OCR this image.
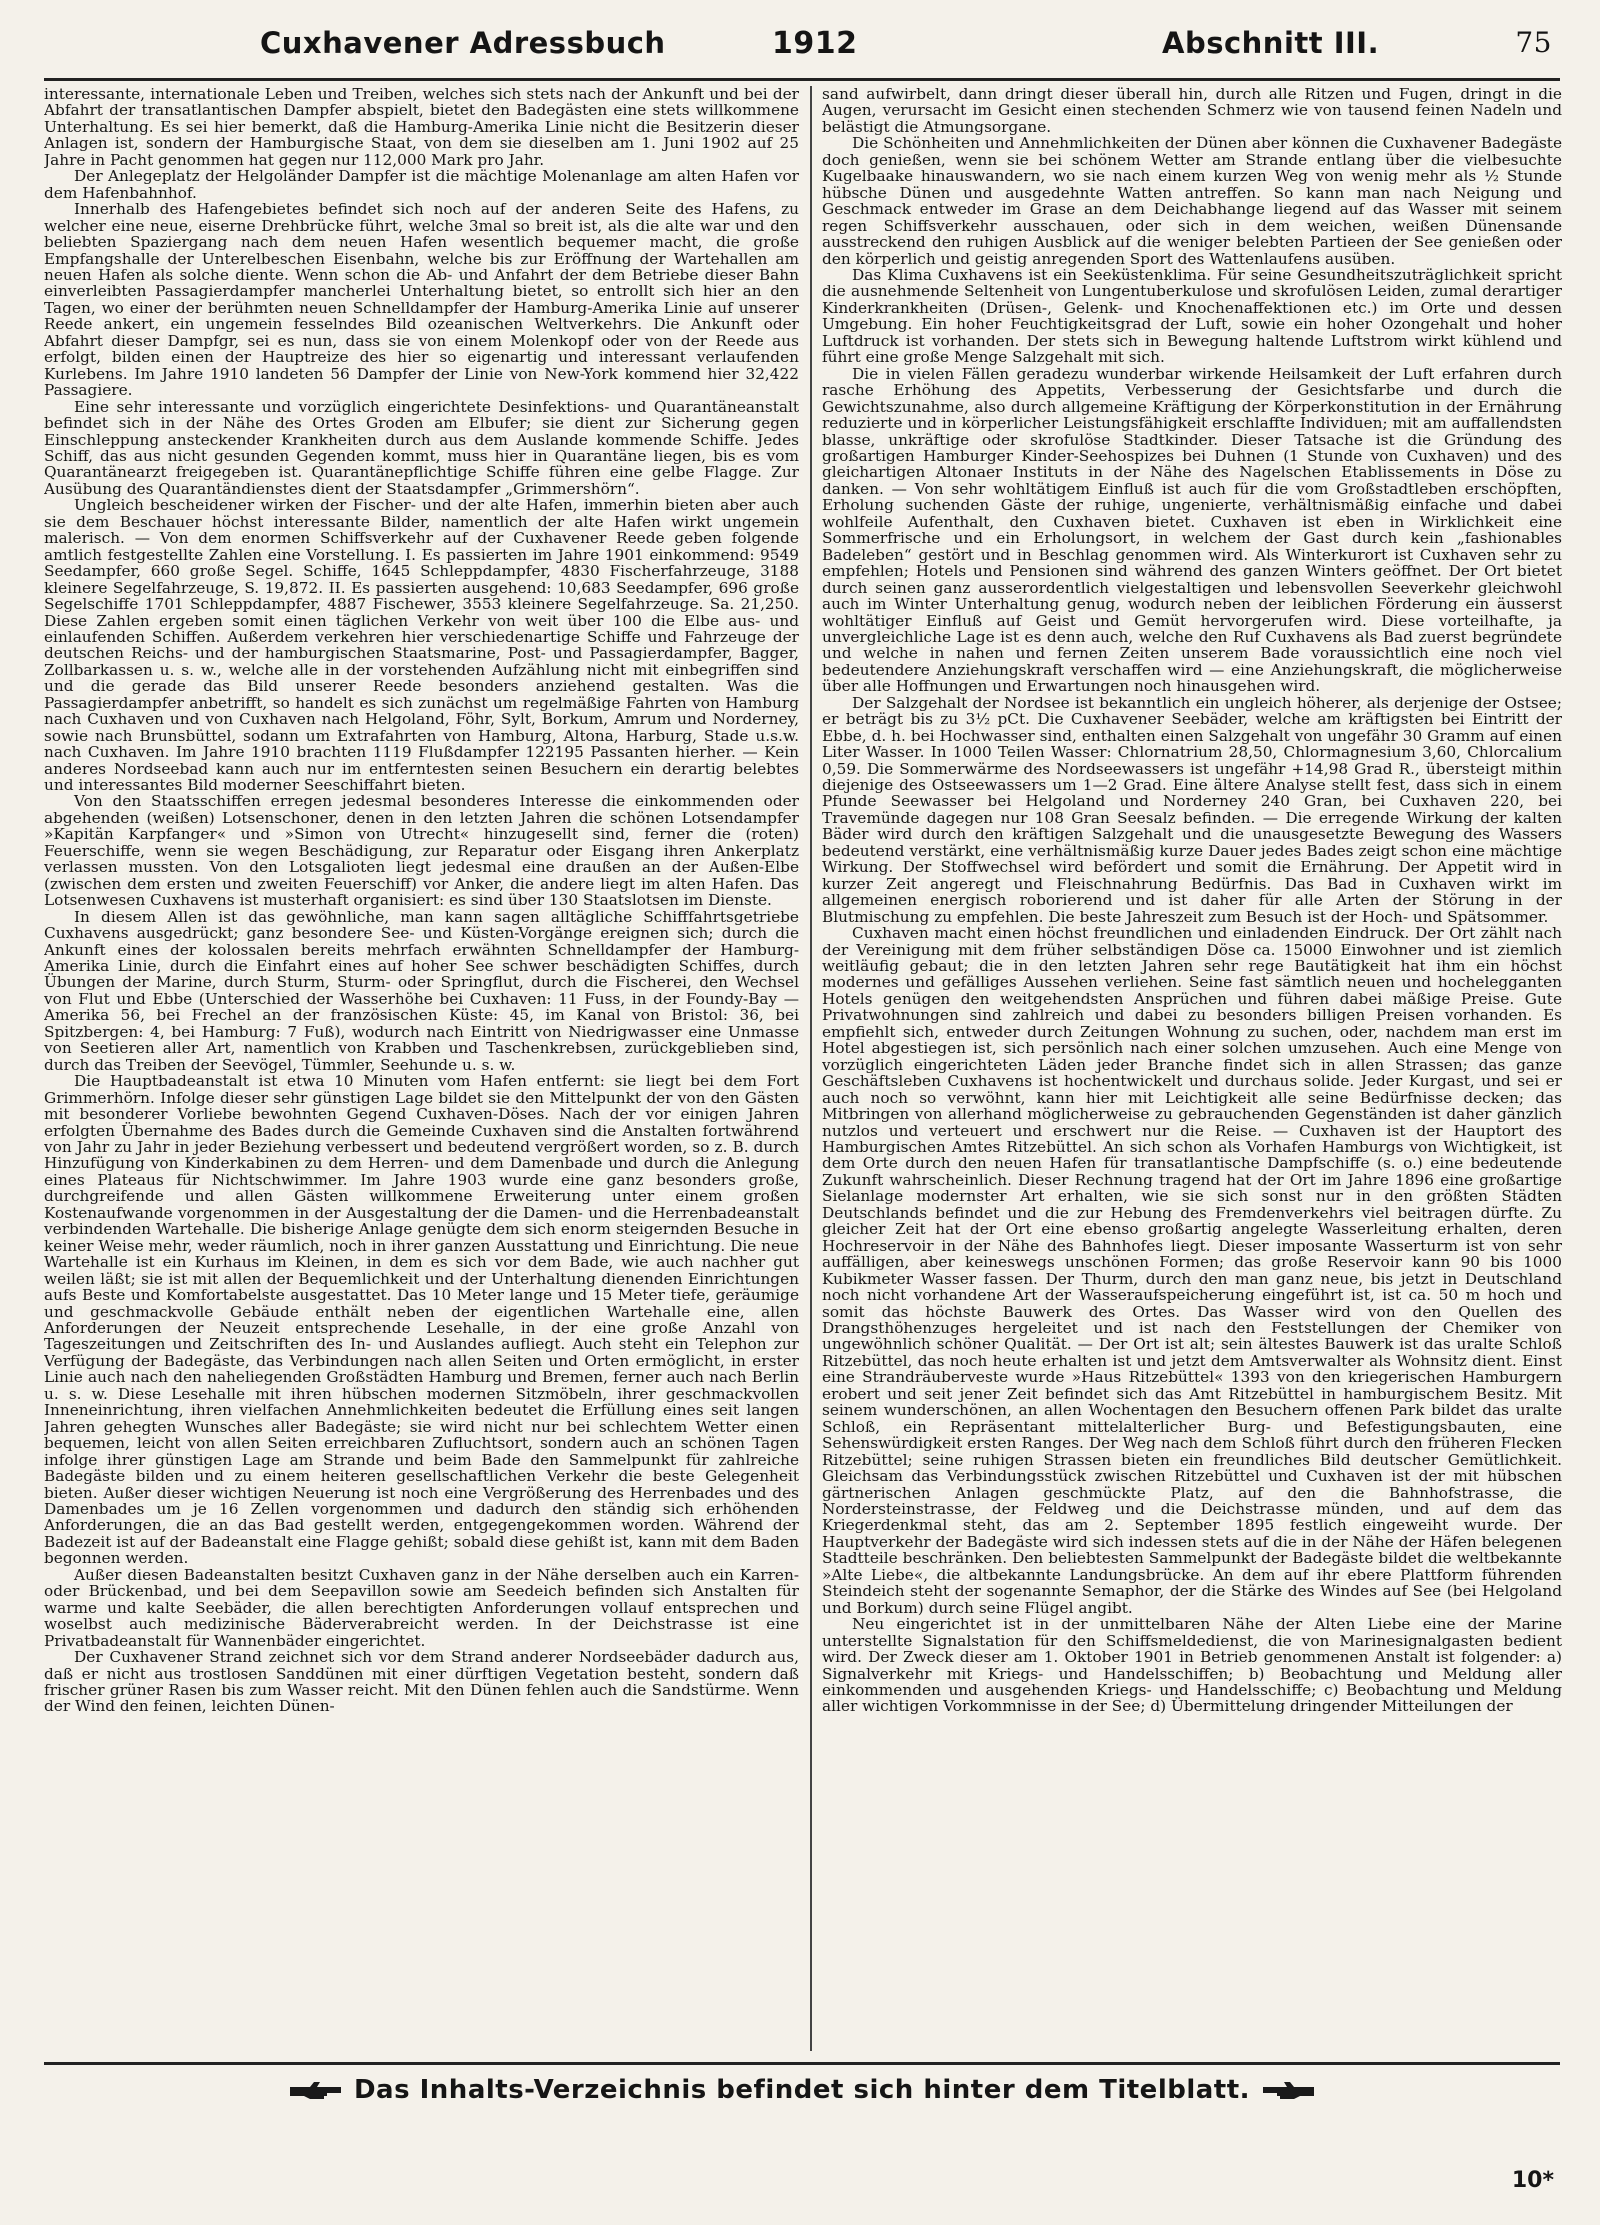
Cuxhavener Adressbuch	1912	Abschnitt III.	75

interessante, internationale Leben und Treiben, welches sich stets nach der Ankunft und bei der Abfahrt der transatlantischen Dampfer abspielt, bietet den Badegästen eine stets willkommene Unterhaltung. Es sei hier bemerkt, daß die Hamburg-Amerika Linie nicht die Besitzerin dieser Anlagen ist, sondern der Hamburgische Staat, von dem sie dieselben am 1. Juni 1902 auf 25 Jahre in Pacht genommen hat gegen nur 112,000 Mark pro Jahr.

Der Anlegeplatz der Helgoländer Dampfer ist die mächtige Molenanlage am alten Hafen vor dem Hafenbahnhof.

Innerhalb des Hafengebietes befindet sich noch auf der anderen Seite des Hafens, zu welcher eine neue, eiserne Drehbrücke führt, welche 3mal so breit ist, als die alte war und den beliebten Spaziergang nach dem neuen Hafen wesentlich bequemer macht, die große Empfangshalle der Unterelbeschen Eisenbahn, welche bis zur Eröffnung der Wartehallen am neuen Hafen als solche diente. Wenn schon die Ab- und Anfahrt der dem Betriebe dieser Bahn einverleibten Passagierdampfer mancherlei Unterhaltung bietet, so entrollt sich hier an den Tagen, wo einer der berühmten neuen Schnelldampfer der Hamburg-Amerika Linie auf unserer Reede ankert, ein ungemein fesselndes Bild ozeanischen Weltverkehrs. Die Ankunft oder Abfahrt dieser Dampfgr, sei es nun, dass sie von einem Molenkopf oder von der Reede aus erfolgt, bilden einen der Hauptreize des hier so eigenartig und interessant verlaufenden Kurlebens. Im Jahre 1910 landeten 56 Dampfer der Linie von New-York kommend hier 32,422 Passagiere.

Eine sehr interessante und vorzüglich eingerichtete Desinfektions- und Quarantäneanstalt befindet sich in der Nähe des Ortes Groden am Elbufer; sie dient zur Sicherung gegen Einschleppung ansteckender Krankheiten durch aus dem Auslande kommende Schiffe. Jedes Schiff, das aus nicht gesunden Gegenden kommt, muss hier in Quarantäne liegen, bis es vom Quarantänearzt freigegeben ist. Quarantänepflichtige Schiffe führen eine gelbe Flagge. Zur Ausübung des Quarantändienstes dient der Staatsdampfer „Grimmershörn“.

Ungleich bescheidener wirken der Fischer- und der alte Hafen, immerhin bieten aber auch sie dem Beschauer höchst interessante Bilder, namentlich der alte Hafen wirkt ungemein malerisch. — Von dem enormen Schiffsverkehr auf der Cuxhavener Reede geben folgende amtlich festgestellte Zahlen eine Vorstellung. I. Es passierten im Jahre 1901 einkommend: 9549 Seedampfer, 660 große Segel. Schiffe, 1645 Schleppdampfer, 4830 Fischerfahrzeuge, 3188 kleinere Segelfahrzeuge, S. 19,872. II. Es passierten ausgehend: 10,683 Seedampfer, 696 große Segelschiffe 1701 Schleppdampfer, 4887 Fischewer, 3553 kleinere Segelfahrzeuge. Sa. 21,250. Diese Zahlen ergeben somit einen täglichen Verkehr von weit über 100 die Elbe aus- und einlaufenden Schiffen. Außerdem verkehren hier verschiedenartige Schiffe und Fahrzeuge der deutschen Reichs- und der hamburgischen Staatsmarine, Post- und Passagierdampfer, Bagger, Zollbarkassen u. s. w., welche alle in der vorstehenden Aufzählung nicht mit einbegriffen sind und die gerade das Bild unserer Reede besonders anziehend gestalten. Was die Passagierdampfer anbetrifft, so handelt es sich zunächst um regelmäßige Fahrten von Hamburg nach Cuxhaven und von Cuxhaven nach Helgoland, Föhr, Sylt, Borkum, Amrum und Norderney, sowie nach Brunsbüttel, sodann um Extrafahrten von Hamburg, Altona, Harburg, Stade u.s.w. nach Cuxhaven. Im Jahre 1910 brachten 1119 Flußdampfer 122195 Passanten hierher. — Kein anderes Nordseebad kann auch nur im entferntesten seinen Besuchern ein derartig belebtes und interessantes Bild moderner Seeschiffahrt bieten.

Von den Staatsschiffen erregen jedesmal besonderes Interesse die einkommenden oder abgehenden (weißen) Lotsenschoner, denen in den letzten Jahren die schönen Lotsendampfer »Kapitän Karpfanger« und »Simon von Utrecht« hinzugesellt sind, ferner die (roten) Feuerschiffe, wenn sie wegen Beschädigung, zur Reparatur oder Eisgang ihren Ankerplatz verlassen mussten. Von den Lotsgalioten liegt jedesmal eine draußen an der Außen-Elbe (zwischen dem ersten und zweiten Feuerschiff) vor Anker, die andere liegt im alten Hafen. Das Lotsenwesen Cuxhavens ist musterhaft organisiert: es sind über 130 Staatslotsen im Dienste.

In diesem Allen ist das gewöhnliche, man kann sagen alltägliche Schifffahrtsgetriebe Cuxhavens ausgedrückt; ganz besondere See- und Küsten-Vorgänge ereignen sich; durch die Ankunft eines der kolossalen bereits mehrfach erwähnten Schnelldampfer der Hamburg-Amerika Linie, durch die Einfahrt eines auf hoher See schwer beschädigten Schiffes, durch Übungen der Marine, durch Sturm, Sturm- oder Springflut, durch die Fischerei, den Wechsel von Flut und Ebbe (Unterschied der Wasserhöhe bei Cuxhaven: 11 Fuss, in der Foundy-Bay — Amerika 56, bei Frechel an der französischen Küste: 45, im Kanal von Bristol: 36, bei Spitzbergen: 4, bei Hamburg: 7 Fuß), wodurch nach Eintritt von Niedrigwasser eine Unmasse von Seetieren aller Art, namentlich von Krabben und Taschenkrebsen, zurückgeblieben sind, durch das Treiben der Seevögel, Tümmler, Seehunde u. s. w.

Die Hauptbadeanstalt ist etwa 10 Minuten vom Hafen entfernt: sie liegt bei dem Fort Grimmerhörn. Infolge dieser sehr günstigen Lage bildet sie den Mittelpunkt der von den Gästen mit besonderer Vorliebe bewohnten Gegend Cuxhaven-Döses. Nach der vor einigen Jahren erfolgten Übernahme des Bades durch die Gemeinde Cuxhaven sind die Anstalten fortwährend von Jahr zu Jahr in jeder Beziehung verbessert und bedeutend vergrößert worden, so z. B. durch Hinzufügung von Kinderkabinen zu dem Herren- und dem Damenbade und durch die Anlegung eines Plateaus für Nichtschwimmer. Im Jahre 1903 wurde eine ganz besonders große, durchgreifende und allen Gästen willkommene Erweiterung unter einem großen Kostenaufwande vorgenommen in der Ausgestaltung der die Damen- und die Herrenbadeanstalt verbindenden Wartehalle. Die bisherige Anlage genügte dem sich enorm steigernden Besuche in keiner Weise mehr, weder räumlich, noch in ihrer ganzen Ausstattung und Einrichtung. Die neue Wartehalle ist ein Kurhaus im Kleinen, in dem es sich vor dem Bade, wie auch nachher gut weilen läßt; sie ist mit allen der Bequemlichkeit und der Unterhaltung dienenden Einrichtungen aufs Beste und Komfortabelste ausgestattet. Das 10 Meter lange und 15 Meter tiefe, geräumige und geschmackvolle Gebäude enthält neben der eigentlichen Wartehalle eine, allen Anforderungen der Neuzeit entsprechende Lesehalle, in der eine große Anzahl von Tageszeitungen und Zeitschriften des In- und Auslandes aufliegt. Auch steht ein Telephon zur Verfügung der Badegäste, das Verbindungen nach allen Seiten und Orten ermöglicht, in erster Linie auch nach den naheliegenden Großstädten Hamburg und Bremen, ferner auch nach Berlin u. s. w. Diese Lesehalle mit ihren hübschen modernen Sitzmöbeln, ihrer geschmackvollen Inneneinrichtung, ihren vielfachen Annehmlichkeiten bedeutet die Erfüllung eines seit langen Jahren gehegten Wunsches aller Badegäste; sie wird nicht nur bei schlechtem Wetter einen bequemen, leicht von allen Seiten erreichbaren Zufluchtsort, sondern auch an schönen Tagen infolge ihrer günstigen Lage am Strande und beim Bade den Sammelpunkt für zahlreiche Badegäste bilden und zu einem heiteren gesellschaftlichen Verkehr die beste Gelegenheit bieten. Außer dieser wichtigen Neuerung ist noch eine Vergrößerung des Herrenbades und des Damenbades um je 16 Zellen vorgenommen und dadurch den ständig sich erhöhenden Anforderungen, die an das Bad gestellt werden, entgegengekommen worden. Während der Badezeit ist auf der Badeanstalt eine Flagge gehißt; sobald diese gehißt ist, kann mit dem Baden begonnen werden.

Außer diesen Badeanstalten besitzt Cuxhaven ganz in der Nähe derselben auch ein Karren- oder Brückenbad, und bei dem Seepavillon sowie am Seedeich befinden sich Anstalten für warme und kalte Seebäder, die allen berechtigten Anforderungen vollauf entsprechen und woselbst auch medizinische Bäderverabreicht werden. In der Deichstrasse ist eine Privatbadeanstalt für Wannenbäder eingerichtet.

Der Cuxhavener Strand zeichnet sich vor dem Strand anderer Nordseebäder dadurch aus, daß er nicht aus trostlosen Sanddünen mit einer dürftigen Vegetation besteht, sondern daß frischer grüner Rasen bis zum Wasser reicht. Mit den Dünen fehlen auch die Sandstürme. Wenn der Wind den feinen, leichten Dünen-

sand aufwirbelt, dann dringt dieser überall hin, durch alle Ritzen und Fugen, dringt in die Augen, verursacht im Gesicht einen stechenden Schmerz wie von tausend feinen Nadeln und belästigt die Atmungsorgane.

Die Schönheiten und Annehmlichkeiten der Dünen aber können die Cuxhavener Badegäste doch genießen, wenn sie bei schönem Wetter am Strande entlang über die vielbesuchte Kugelbaake hinauswandern, wo sie nach einem kurzen Weg von wenig mehr als ½ Stunde hübsche Dünen und ausgedehnte Watten antreffen. So kann man nach Neigung und Geschmack entweder im Grase an dem Deichabhange liegend auf das Wasser mit seinem regen Schiffsverkehr ausschauen, oder sich in dem weichen, weißen Dünensande ausstreckend den ruhigen Ausblick auf die weniger belebten Partieen der See genießen oder den körperlich und geistig anregenden Sport des Wattenlaufens ausüben.

Das Klima Cuxhavens ist ein Seeküstenklima. Für seine Gesundheitszuträglichkeit spricht die ausnehmende Seltenheit von Lungentuberkulose und skrofulösen Leiden, zumal derartiger Kinderkrankheiten (Drüsen-, Gelenk- und Knochenaffektionen etc.) im Orte und dessen Umgebung. Ein hoher Feuchtigkeitsgrad der Luft, sowie ein hoher Ozongehalt und hoher Luftdruck ist vorhanden. Der stets sich in Bewegung haltende Luftstrom wirkt kühlend und führt eine große Menge Salzgehalt mit sich.

Die in vielen Fällen geradezu wunderbar wirkende Heilsamkeit der Luft erfahren durch rasche Erhöhung des Appetits, Verbesserung der Gesichtsfarbe und durch die Gewichtszunahme, also durch allgemeine Kräftigung der Körperkonstitution in der Ernährung reduzierte und in körperlicher Leistungsfähigkeit erschlaffte Individuen; mit am auffallendsten blasse, unkräftige oder skrofulöse Stadtkinder. Dieser Tatsache ist die Gründung des großartigen Hamburger Kinder-Seehospizes bei Duhnen (1 Stunde von Cuxhaven) und des gleichartigen Altonaer Instituts in der Nähe des Nagelschen Etablissements in Döse zu danken. — Von sehr wohltätigem Einfluß ist auch für die vom Großstadtleben erschöpften, Erholung suchenden Gäste der ruhige, ungenierte, verhältnismäßig einfache und dabei wohlfeile Aufenthalt, den Cuxhaven bietet. Cuxhaven ist eben in Wirklichkeit eine Sommerfrische und ein Erholungsort, in welchem der Gast durch kein „fashionables Badeleben“ gestört und in Beschlag genommen wird. Als Winterkurort ist Cuxhaven sehr zu empfehlen; Hotels und Pensionen sind während des ganzen Winters geöffnet. Der Ort bietet durch seinen ganz ausserordentlich vielgestaltigen und lebensvollen Seeverkehr gleichwohl auch im Winter Unterhaltung genug, wodurch neben der leiblichen Förderung ein äusserst wohltätiger Einfluß auf Geist und Gemüt hervorgerufen wird. Diese vorteilhafte, ja unvergleichliche Lage ist es denn auch, welche den Ruf Cuxhavens als Bad zuerst begründete und welche in nahen und fernen Zeiten unserem Bade voraussichtlich eine noch viel bedeutendere Anziehungskraft verschaffen wird — eine Anziehungskraft, die möglicherweise über alle Hoffnungen und Erwartungen noch hinausgehen wird.

Der Salzgehalt der Nordsee ist bekanntlich ein ungleich höherer, als derjenige der Ostsee; er beträgt bis zu 3½ pCt. Die Cuxhavener Seebäder, welche am kräftigsten bei Eintritt der Ebbe, d. h. bei Hochwasser sind, enthalten einen Salzgehalt von ungefähr 30 Gramm auf einen Liter Wasser. In 1000 Teilen Wasser: Chlornatrium 28,50, Chlormagnesium 3,60, Chlorcalium 0,59. Die Sommerwärme des Nordseewassers ist ungefähr +14,98 Grad R., übersteigt mithin diejenige des Ostseewassers um 1—2 Grad. Eine ältere Analyse stellt fest, dass sich in einem Pfunde Seewasser bei Helgoland und Norderney 240 Gran, bei Cuxhaven 220, bei Travemünde dagegen nur 108 Gran Seesalz befinden. — Die erregende Wirkung der kalten Bäder wird durch den kräftigen Salzgehalt und die unausgesetzte Bewegung des Wassers bedeutend verstärkt, eine verhältnismäßig kurze Dauer jedes Bades zeigt schon eine mächtige Wirkung. Der Stoffwechsel wird befördert und somit die Ernährung. Der Appetit wird in kurzer Zeit angeregt und Fleischnahrung Bedürfnis. Das Bad in Cuxhaven wirkt im allgemeinen energisch roborierend und ist daher für alle Arten der Störung in der Blutmischung zu empfehlen. Die beste Jahreszeit zum Besuch ist der Hoch- und Spätsommer.

Cuxhaven macht einen höchst freundlichen und einladenden Eindruck. Der Ort zählt nach der Vereinigung mit dem früher selbständigen Döse ca. 15000 Einwohner und ist ziemlich weitläufig gebaut; die in den letzten Jahren sehr rege Bautätigkeit hat ihm ein höchst modernes und gefälliges Aussehen verliehen. Seine fast sämtlich neuen und hochelegganten Hotels genügen den weitgehendsten Ansprüchen und führen dabei mäßige Preise. Gute Privatwohnungen sind zahlreich und dabei zu besonders billigen Preisen vorhanden. Es empfiehlt sich, entweder durch Zeitungen Wohnung zu suchen, oder, nachdem man erst im Hotel abgestiegen ist, sich persönlich nach einer solchen umzusehen. Auch eine Menge von vorzüglich eingerichteten Läden jeder Branche findet sich in allen Strassen; das ganze Geschäftsleben Cuxhavens ist hochentwickelt und durchaus solide. Jeder Kurgast, und sei er auch noch so verwöhnt, kann hier mit Leichtigkeit alle seine Bedürfnisse decken; das Mitbringen von allerhand möglicherweise zu gebrauchenden Gegenständen ist daher gänzlich nutzlos und verteuert und erschwert nur die Reise. — Cuxhaven ist der Hauptort des Hamburgischen Amtes Ritzebüttel. An sich schon als Vorhafen Hamburgs von Wichtigkeit, ist dem Orte durch den neuen Hafen für transatlantische Dampfschiffe (s. o.) eine bedeutende Zukunft wahrscheinlich. Dieser Rechnung tragend hat der Ort im Jahre 1896 eine großartige Sielanlage modernster Art erhalten, wie sie sich sonst nur in den größten Städten Deutschlands befindet und die zur Hebung des Fremdenverkehrs viel beitragen dürfte. Zu gleicher Zeit hat der Ort eine ebenso großartig angelegte Wasserleitung erhalten, deren Hochreservoir in der Nähe des Bahnhofes liegt. Dieser imposante Wasserturm ist von sehr auffälligen, aber keineswegs unschönen Formen; das große Reservoir kann 90 bis 1000 Kubikmeter Wasser fassen. Der Thurm, durch den man ganz neue, bis jetzt in Deutschland noch nicht vorhandene Art der Wasseraufspeicherung eingeführt ist, ist ca. 50 m hoch und somit das höchste Bauwerk des Ortes. Das Wasser wird von den Quellen des Drangsthöhenzuges hergeleitet und ist nach den Feststellungen der Chemiker von ungewöhnlich schöner Qualität. — Der Ort ist alt; sein ältestes Bauwerk ist das uralte Schloß Ritzebüttel, das noch heute erhalten ist und jetzt dem Amtsverwalter als Wohnsitz dient. Einst eine Strandräuberveste wurde »Haus Ritzebüttel« 1393 von den kriegerischen Hamburgern erobert und seit jener Zeit befindet sich das Amt Ritzebüttel in hamburgischem Besitz. Mit seinem wunderschönen, an allen Wochentagen den Besuchern offenen Park bildet das uralte Schloß, ein Repräsentant mittelalterlicher Burg- und Befestigungsbauten, eine Sehenswürdigkeit ersten Ranges. Der Weg nach dem Schloß führt durch den früheren Flecken Ritzebüttel; seine ruhigen Strassen bieten ein freundliches Bild deutscher Gemütlichkeit. Gleichsam das Verbindungsstück zwischen Ritzebüttel und Cuxhaven ist der mit hübschen gärtnerischen Anlagen geschmückte Platz, auf den die Bahnhofstrasse, die Nordersteinstrasse, der Feldweg und die Deichstrasse münden, und auf dem das Kriegerdenkmal steht, das am 2. September 1895 festlich eingeweiht wurde. Der Hauptverkehr der Badegäste wird sich indessen stets auf die in der Nähe der Häfen belegenen Stadtteile beschränken. Den beliebtesten Sammelpunkt der Badegäste bildet die weltbekannte »Alte Liebe«, die altbekannte Landungsbrücke. An dem auf ihr ebere Plattform führenden Steindeich steht der sogenannte Semaphor, der die Stärke des Windes auf See (bei Helgoland und Borkum) durch seine Flügel angibt.

Neu eingerichtet ist in der unmittelbaren Nähe der Alten Liebe eine der Marine unterstellte Signalstation für den Schiffsmeldedienst, die von Marinesignalgasten bedient wird. Der Zweck dieser am 1. Oktober 1901 in Betrieb genommenen Anstalt ist folgender: a) Signalverkehr mit Kriegs- und Handelsschiffen; b) Beobachtung und Meldung aller einkommenden und ausgehenden Kriegs- und Handelsschiffe; c) Beobachtung und Meldung aller wichtigen Vorkommnisse in der See; d) Übermittelung dringender Mitteilungen der

Das Inhalts-Verzeichnis befindet sich hinter dem Titelblatt.
10*
